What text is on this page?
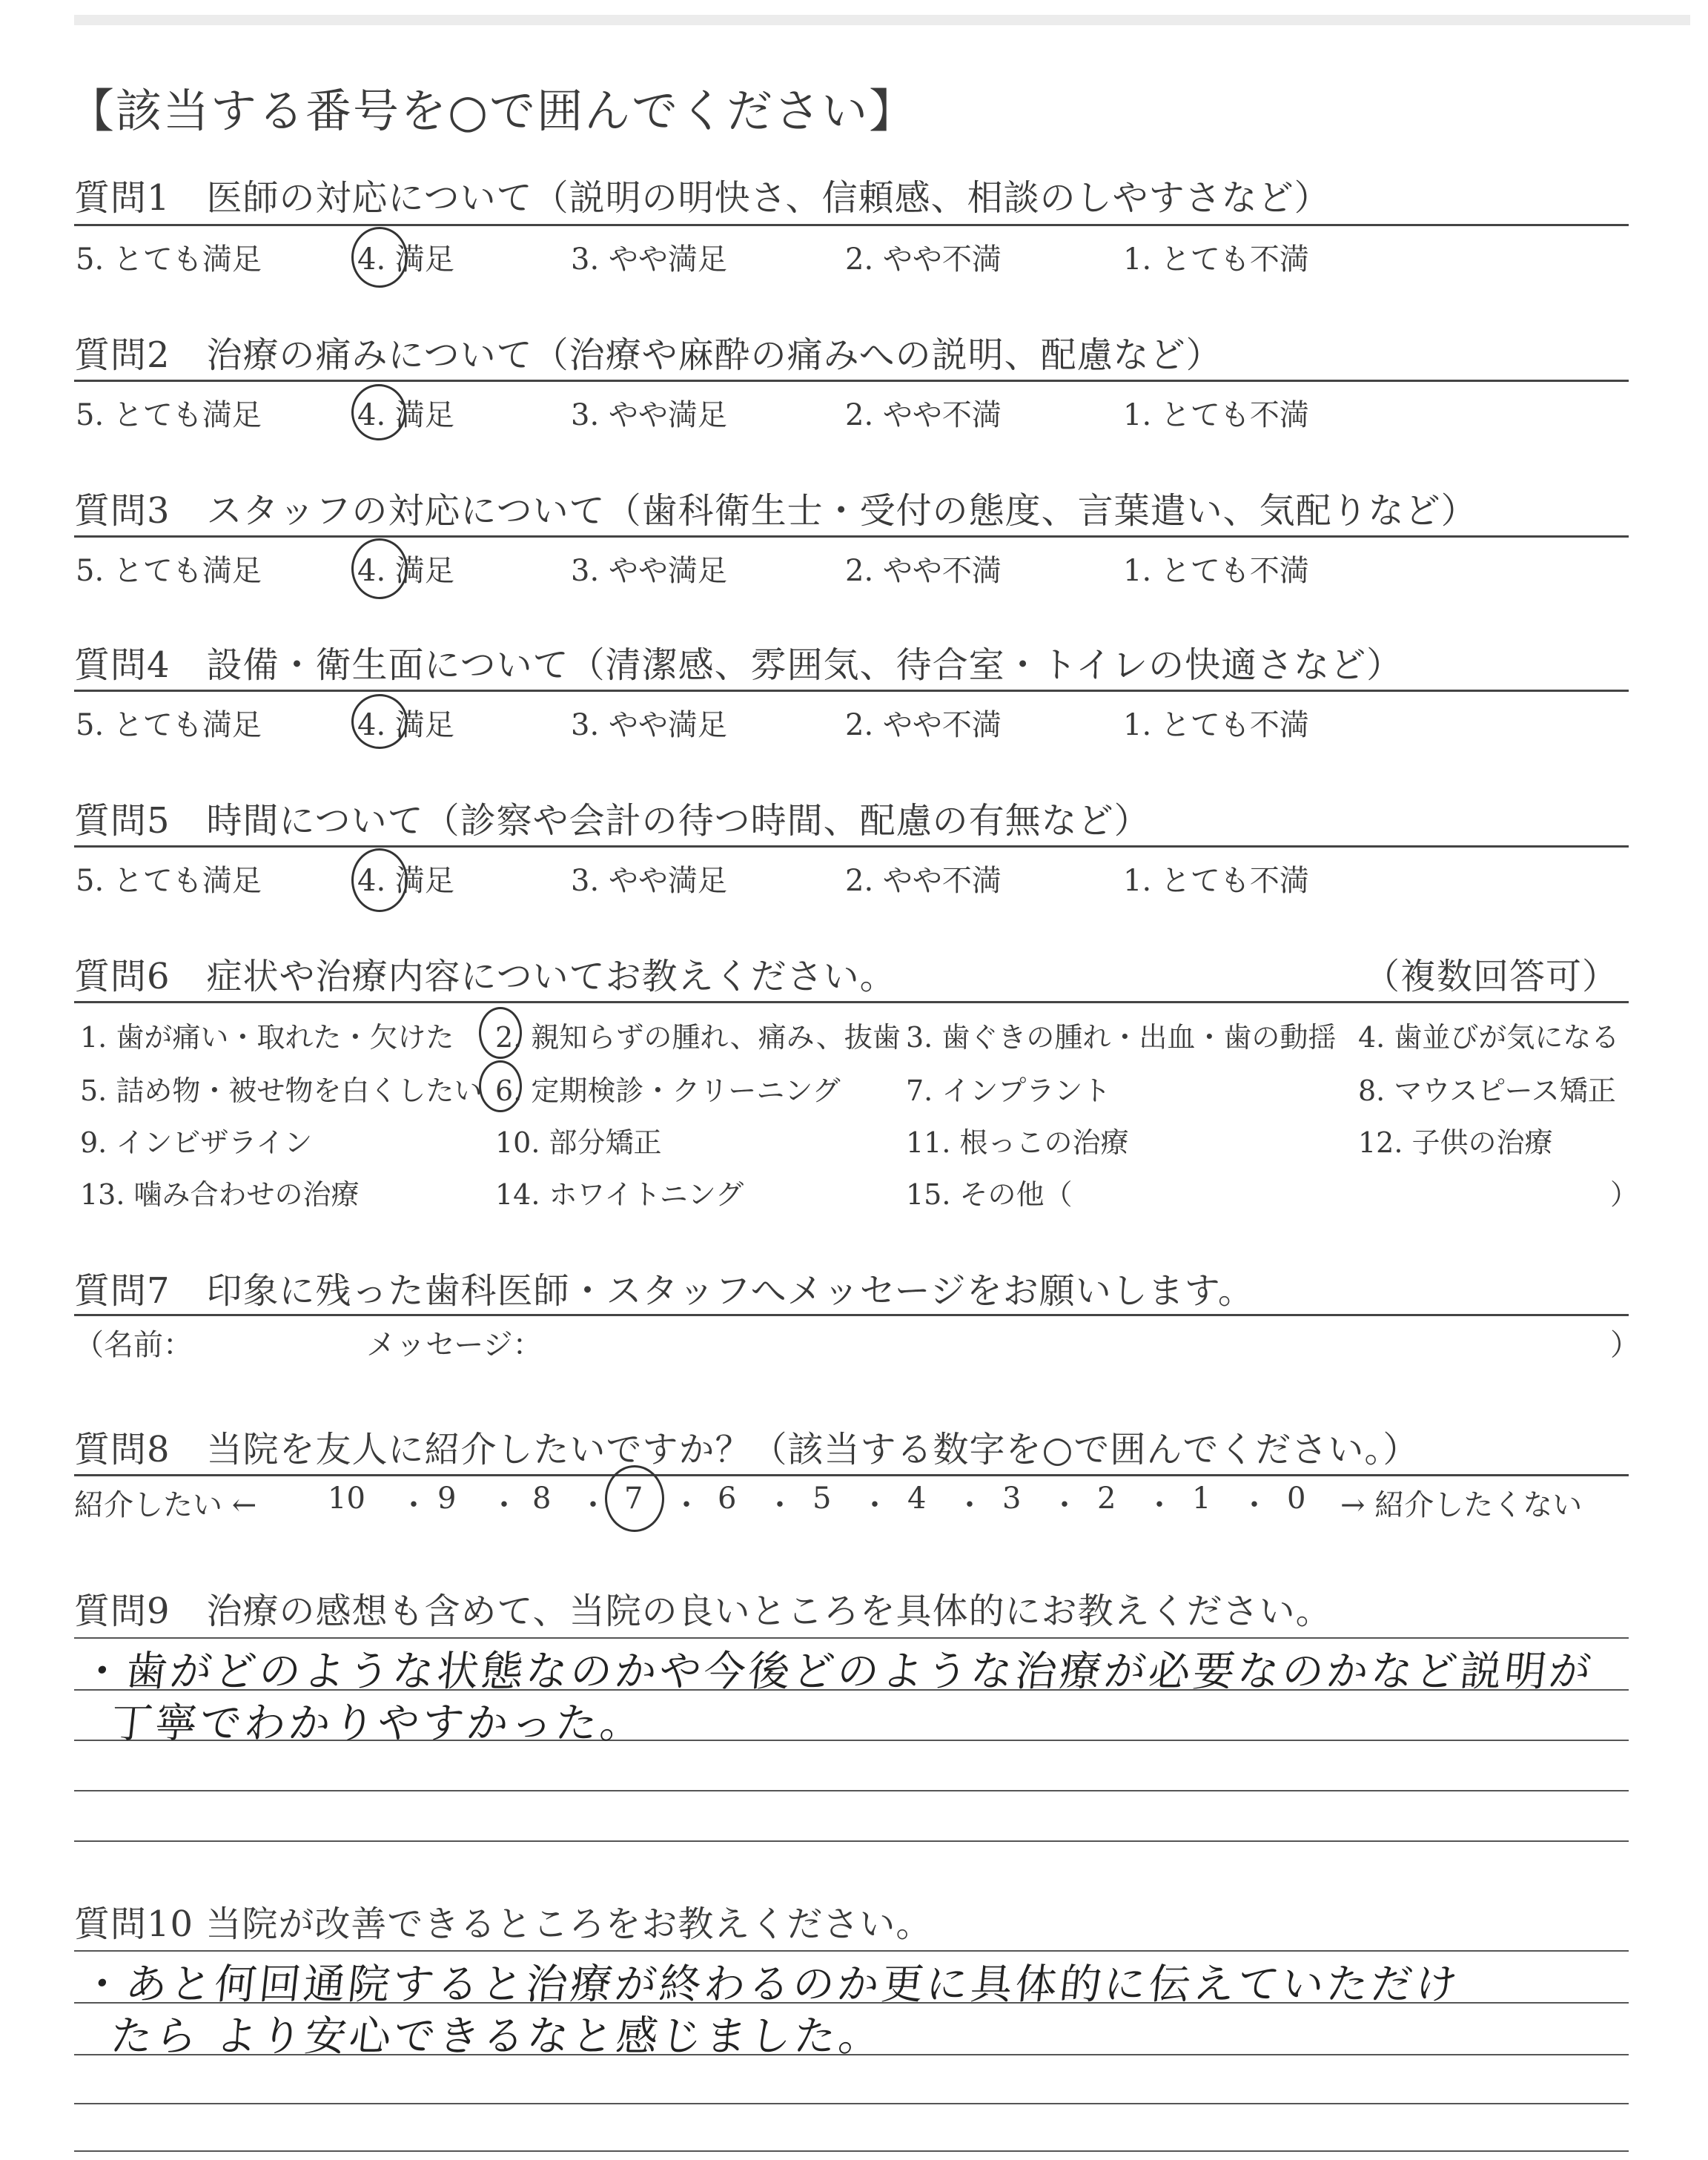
【該当する番号を○で囲んでください】
質問1　医師の対応について（説明の明快さ、信頼感、相談のしやすさなど）
5. とても満足	4. 満足	3. やや満足	2. やや不満	1. とても不満
質問2　治療の痛みについて（治療や麻酔の痛みへの説明、配慮など）
5. とても満足	4. 満足	3. やや満足	2. やや不満	1. とても不満
質問3　スタッフの対応について（歯科衛生士・受付の態度、言葉遣い、気配りなど）
5. とても満足	4. 満足	3. やや満足	2. やや不満	1. とても不満
質問4　設備・衛生面について（清潔感、雰囲気、待合室・トイレの快適さなど）
5. とても満足	4. 満足	3. やや満足	2. やや不満	1. とても不満
質問5　時間について（診察や会計の待つ時間、配慮の有無など）
5. とても満足	4. 満足	3. やや満足	2. やや不満	1. とても不満
質問6　症状や治療内容についてお教えください。	（複数回答可）
1. 歯が痛い・取れた・欠けた 2. 親知らずの腫れ、痛み、抜歯 3. 歯ぐきの腫れ・出血・歯の動揺 4. 歯並びが気になる
5. 詰め物・被せ物を白くしたい 6. 定期検診・クリーニング 7. インプラント	8. マウスピース矯正
9. インビザライン	10. 部分矯正	11. 根っこの治療	12. 子供の治療
13. 噛み合わせの治療	14. ホワイトニング	15. その他（	）
質問7　印象に残った歯科医師・スタッフへメッセージをお願いします。
（名前：	メッセージ：	）
質問8　当院を友人に紹介したいですか？（該当する数字を○で囲んでください。）
紹介したい ← 10 ・ 9 ・ 8 ・ 7 ・ 6 ・ 5 ・ 4 ・ 3 ・ 2 ・ 1 ・ 0 → 紹介したくない
質問9　治療の感想も含めて、当院の良いところを具体的にお教えください。
・歯がどのような状態なのかや今後どのような治療が必要なのかなど説明が
丁寧でわかりやすかった。
質問10 当院が改善できるところをお教えください。
・あと何回通院すると治療が終わるのか更に具体的に伝えていただけ
たら より安心できるなと感じました。
